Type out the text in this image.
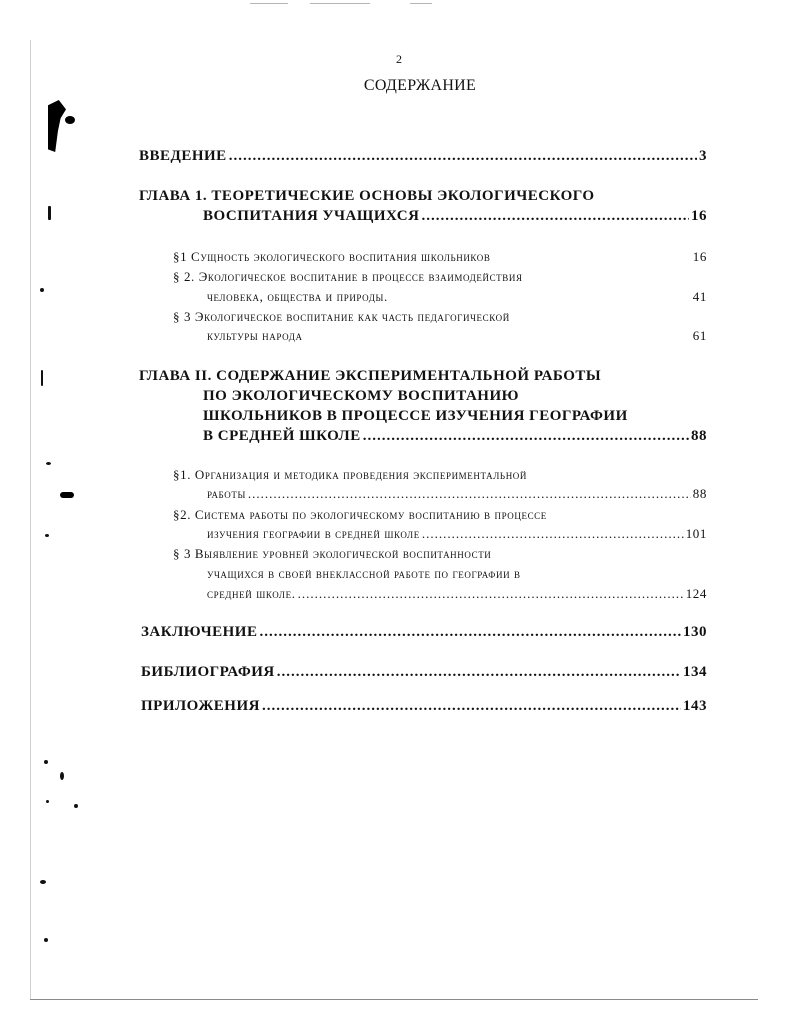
2
СОДЕРЖАНИЕ
ВВЕДЕНИЕ .....	3
ГЛАВА 1. ТЕОРЕТИЧЕСКИЕ ОСНОВЫ ЭКОЛОГИЧЕСКОГО
ВОСПИТАНИЯ УЧАЩИХСЯ .....	16
§1 Сущность экологического воспитания школьников	16
§ 2. Экологическое воспитание в процессе взаимодействия
человека, общества и природы.	41
§ 3 Экологическое воспитание как часть педагогической
культуры народа	61
ГЛАВА II. СОДЕРЖАНИЕ ЭКСПЕРИМЕНТАЛЬНОЙ РАБОТЫ
ПО ЭКОЛОГИЧЕСКОМУ ВОСПИТАНИЮ
ШКОЛЬНИКОВ В ПРОЦЕССЕ ИЗУЧЕНИЯ ГЕОГРАФИИ
В СРЕДНЕЙ ШКОЛЕ .....	88
§1. Организация и методика проведения экспериментальной
работы .....	88
§2. Система работы по экологическому воспитанию в процессе
изучения географии в средней школе .....	101
§ 3 Выявление уровней экологической воспитанности
учащихся в своей внеклассной работе по географии в
средней школе. .....	124
ЗАКЛЮЧЕНИЕ .....	130
БИБЛИОГРАФИЯ .....	134
ПРИЛОЖЕНИЯ .....	143
